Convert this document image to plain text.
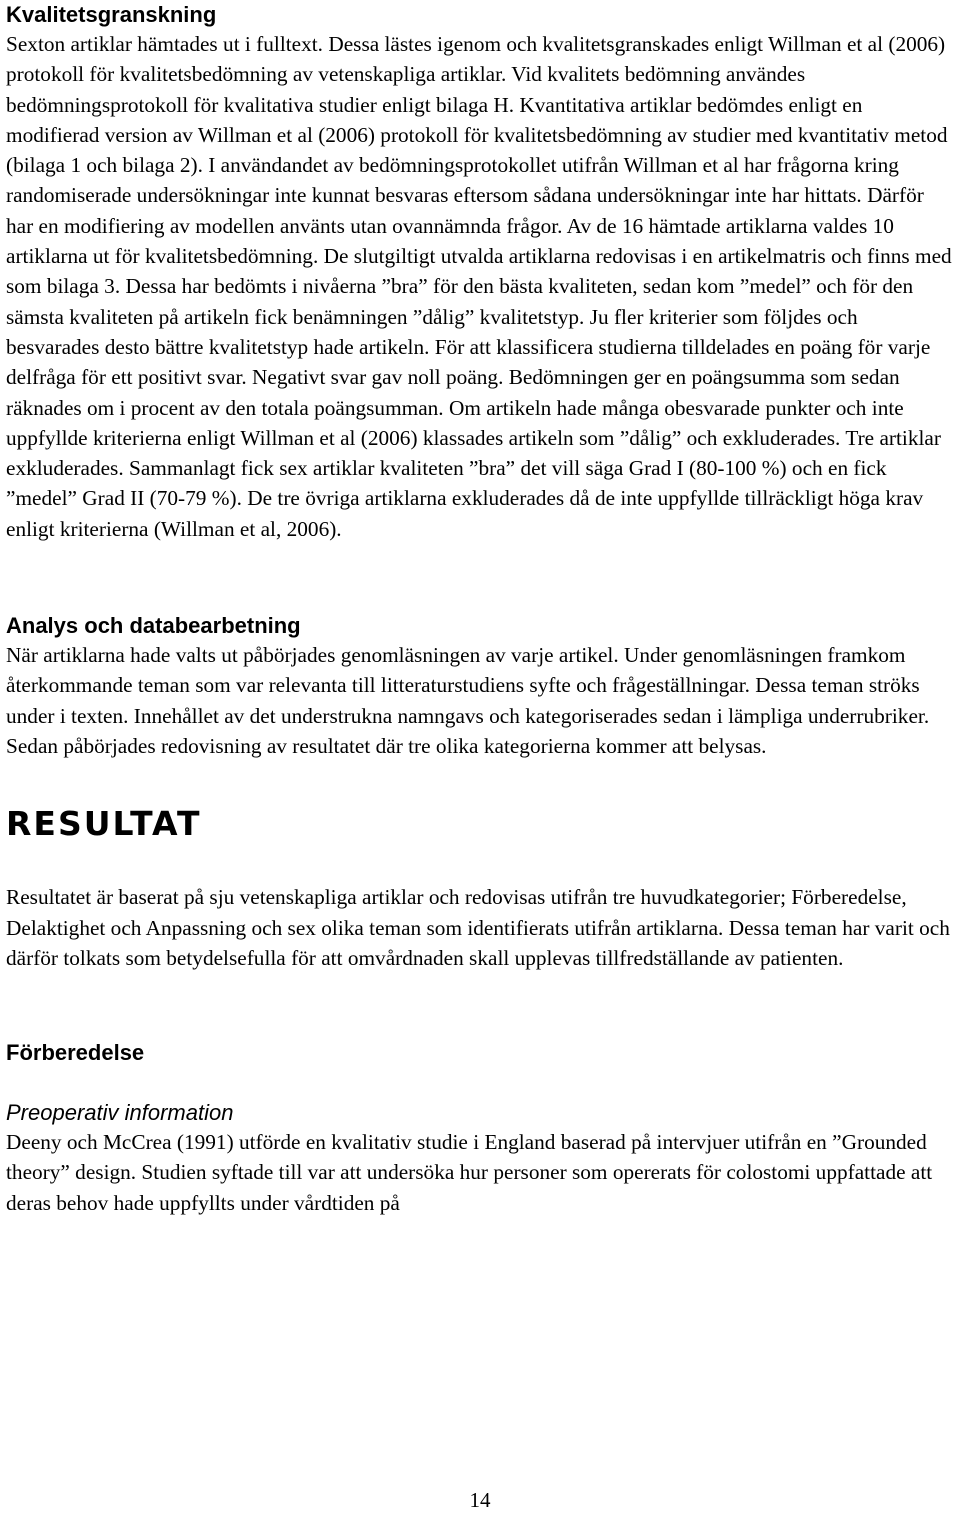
Kvalitetsgranskning

Sexton artiklar hämtades ut i fulltext. Dessa lästes igenom och kvalitetsgranskades enligt Willman et al (2006) protokoll för kvalitetsbedömning av vetenskapliga artiklar. Vid kvalitets bedömning användes bedömningsprotokoll för kvalitativa studier enligt bilaga H. Kvantitativa artiklar bedömdes enligt en modifierad version av Willman et al (2006) protokoll för kvalitetsbedömning av studier med kvantitativ metod (bilaga 1 och bilaga 2). I användandet av bedömningsprotokollet utifrån Willman et al har frågorna kring randomiserade undersökningar inte kunnat besvaras eftersom sådana undersökningar inte har hittats. Därför har en modifiering av modellen använts utan ovannämnda frågor. Av de 16 hämtade artiklarna valdes 10 artiklarna ut för kvalitetsbedömning. De slutgiltigt utvalda artiklarna redovisas i en artikelmatris och finns med som bilaga 3. Dessa har bedömts i nivåerna ”bra” för den bästa kvaliteten, sedan kom ”medel” och för den sämsta kvaliteten på artikeln fick benämningen ”dålig” kvalitetstyp. Ju fler kriterier som följdes och besvarades desto bättre kvalitetstyp hade artikeln. För att klassificera studierna tilldelades en poäng för varje delfråga för ett positivt svar. Negativt svar gav noll poäng. Bedömningen ger en poängsumma som sedan räknades om i procent av den totala poängsumman. Om artikeln hade många obesvarade punkter och inte uppfyllde kriterierna enligt Willman et al (2006) klassades artikeln som ”dålig” och exkluderades. Tre artiklar exkluderades. Sammanlagt fick sex artiklar kvaliteten ”bra” det vill säga Grad I (80-100 %) och en fick ”medel” Grad II (70-79 %). De tre övriga artiklarna exkluderades då de inte uppfyllde tillräckligt höga krav enligt kriterierna (Willman et al, 2006).

Analys och databearbetning

När artiklarna hade valts ut påbörjades genomläsningen av varje artikel. Under genomläsningen framkom återkommande teman som var relevanta till litteraturstudiens syfte och frågeställningar. Dessa teman ströks under i texten. Innehållet av det understrukna namngavs och kategoriserades sedan i lämpliga underrubriker. Sedan påbörjades redovisning av resultatet där tre olika kategorierna kommer att belysas.

RESULTAT

Resultatet är baserat på sju vetenskapliga artiklar och redovisas utifrån tre huvudkategorier; Förberedelse, Delaktighet och Anpassning och sex olika teman som identifierats utifrån artiklarna. Dessa teman har varit och därför tolkats som betydelsefulla för att omvårdnaden skall upplevas tillfredställande av patienten.

Förberedelse
Preoperativ information

Deeny och McCrea (1991) utförde en kvalitativ studie i England baserad på intervjuer utifrån en ”Grounded theory” design. Studien syftade till var att undersöka hur personer som opererats för colostomi uppfattade att deras behov hade uppfyllts under vårdtiden på

14
